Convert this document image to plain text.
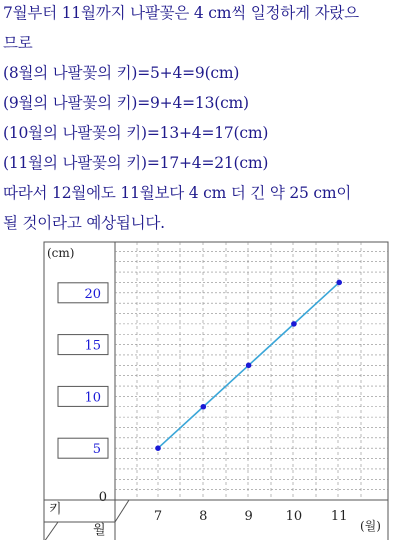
7월부터 11월까지 나팔꽃은 4 cm씩 일정하게 자랐으
므로
(8월의 나팔꽃의 키)=5+4=9(cm)
(9월의 나팔꽃의 키)=9+4=13(cm)
(10월의 나팔꽃의 키)=13+4=17(cm)
(11월의 나팔꽃의 키)=17+4=21(cm)
따라서 12월에도 11월보다 4 cm 더 긴 약 25 cm이
될 것이라고 예상됩니다.
20
15
10
5
0
7	8	9	10 11
(cm)
(월)
키
월
